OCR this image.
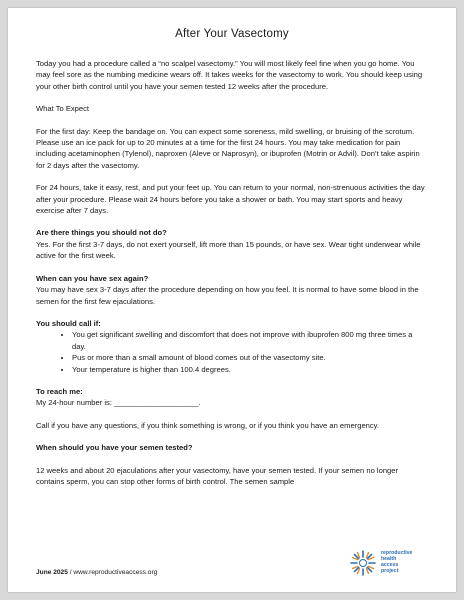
After Your Vasectomy

Today you had a procedure called a “no scalpel vasectomy.” You will most likely feel fine when you go home. You may feel sore as the numbing medicine wears off. It takes weeks for the vasectomy to work. You should keep using your other birth control until you have your semen tested 12 weeks after the procedure.

What To Expect

For the first day: Keep the bandage on. You can expect some soreness, mild swelling, or bruising of the scrotum. Please use an ice pack for up to 20 minutes at a time for the first 24 hours. You may take medication for pain including acetaminophen (Tylenol), naproxen (Aleve or Naprosyn), or ibuprofen (Motrin or Advil). Don’t take aspirin for 2 days after the vasectomy.

For 24 hours, take it easy, rest, and put your feet up. You can return to your normal, non-strenuous activities the day after your procedure. Please wait 24 hours before you take a shower or bath. You may start sports and heavy exercise after 7 days.

Are there things you should not do?

Yes. For the first 3-7 days, do not exert yourself, lift more than 15 pounds, or have sex. Wear tight underwear while active for the first week.

When can you have sex again?

You may have sex 3-7 days after the procedure depending on how you feel. It is normal to have some blood in the semen for the first few ejaculations.

You should call if:

• You get significant swelling and discomfort that does not improve with ibuprofen 800 mg three times a day.
• Pus or more than a small amount of blood comes out of the vasectomy site.
• Your temperature is higher than 100.4 degrees.

To reach me:

My 24-hour number is: ____________________.

Call if you have any questions, if you think something is wrong, or if you think you have an emergency.

When should you have your semen tested?

12 weeks and about 20 ejaculations after your vasectomy, have your semen tested. If your semen no longer contains sperm, you can stop other forms of birth control. The semen sample

June 2025 / www.reproductiveaccess.org
reproductive
health
access
project
